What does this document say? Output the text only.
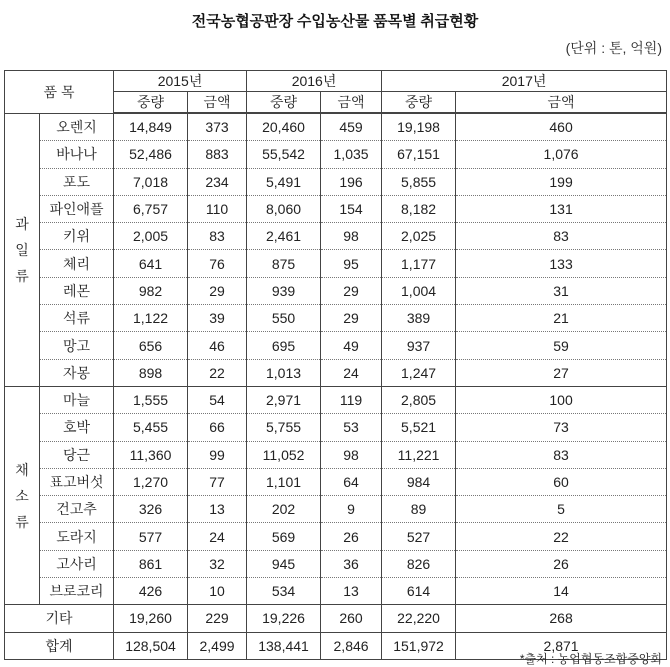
전국농협공판장 수입농산물 품목별 취급현황
(단위 : 톤, 억원)
품 목		2015년		2016년		2017년	
		중량	금액	중량	금액	중량	금액

과
일
류	오렌지	14,849	373	20,460	459	19,198	460
	바나나	52,486	883	55,542	1,035	67,151	1,076
	포도	7,018	234	5,491	196	5,855	199
	파인애플	6,757	110	8,060	154	8,182	131
	키위	2,005	83	2,461	98	2,025	83
	체리	641	76	875	95	1,177	133
	레몬	982	29	939	29	1,004	31
	석류	1,122	39	550	29	389	21
	망고	656	46	695	49	937	59
	자몽	898	22	1,013	24	1,247	27

채
소
류	마늘	1,555	54	2,971	119	2,805	100
	호박	5,455	66	5,755	53	5,521	73
	당근	11,360	99	11,052	98	11,221	83
	표고버섯	1,270	77	1,101	64	984	60
	건고추	326	13	202	9	89	5
	도라지	577	24	569	26	527	22
	고사리	861	32	945	36	826	26
	브로코리	426	10	534	13	614	14
기타		19,260	229	19,226	260	22,220	268
합계		128,504	2,499	138,441	2,846	151,972	2,871
*출처 : 농업협동조합중앙회
